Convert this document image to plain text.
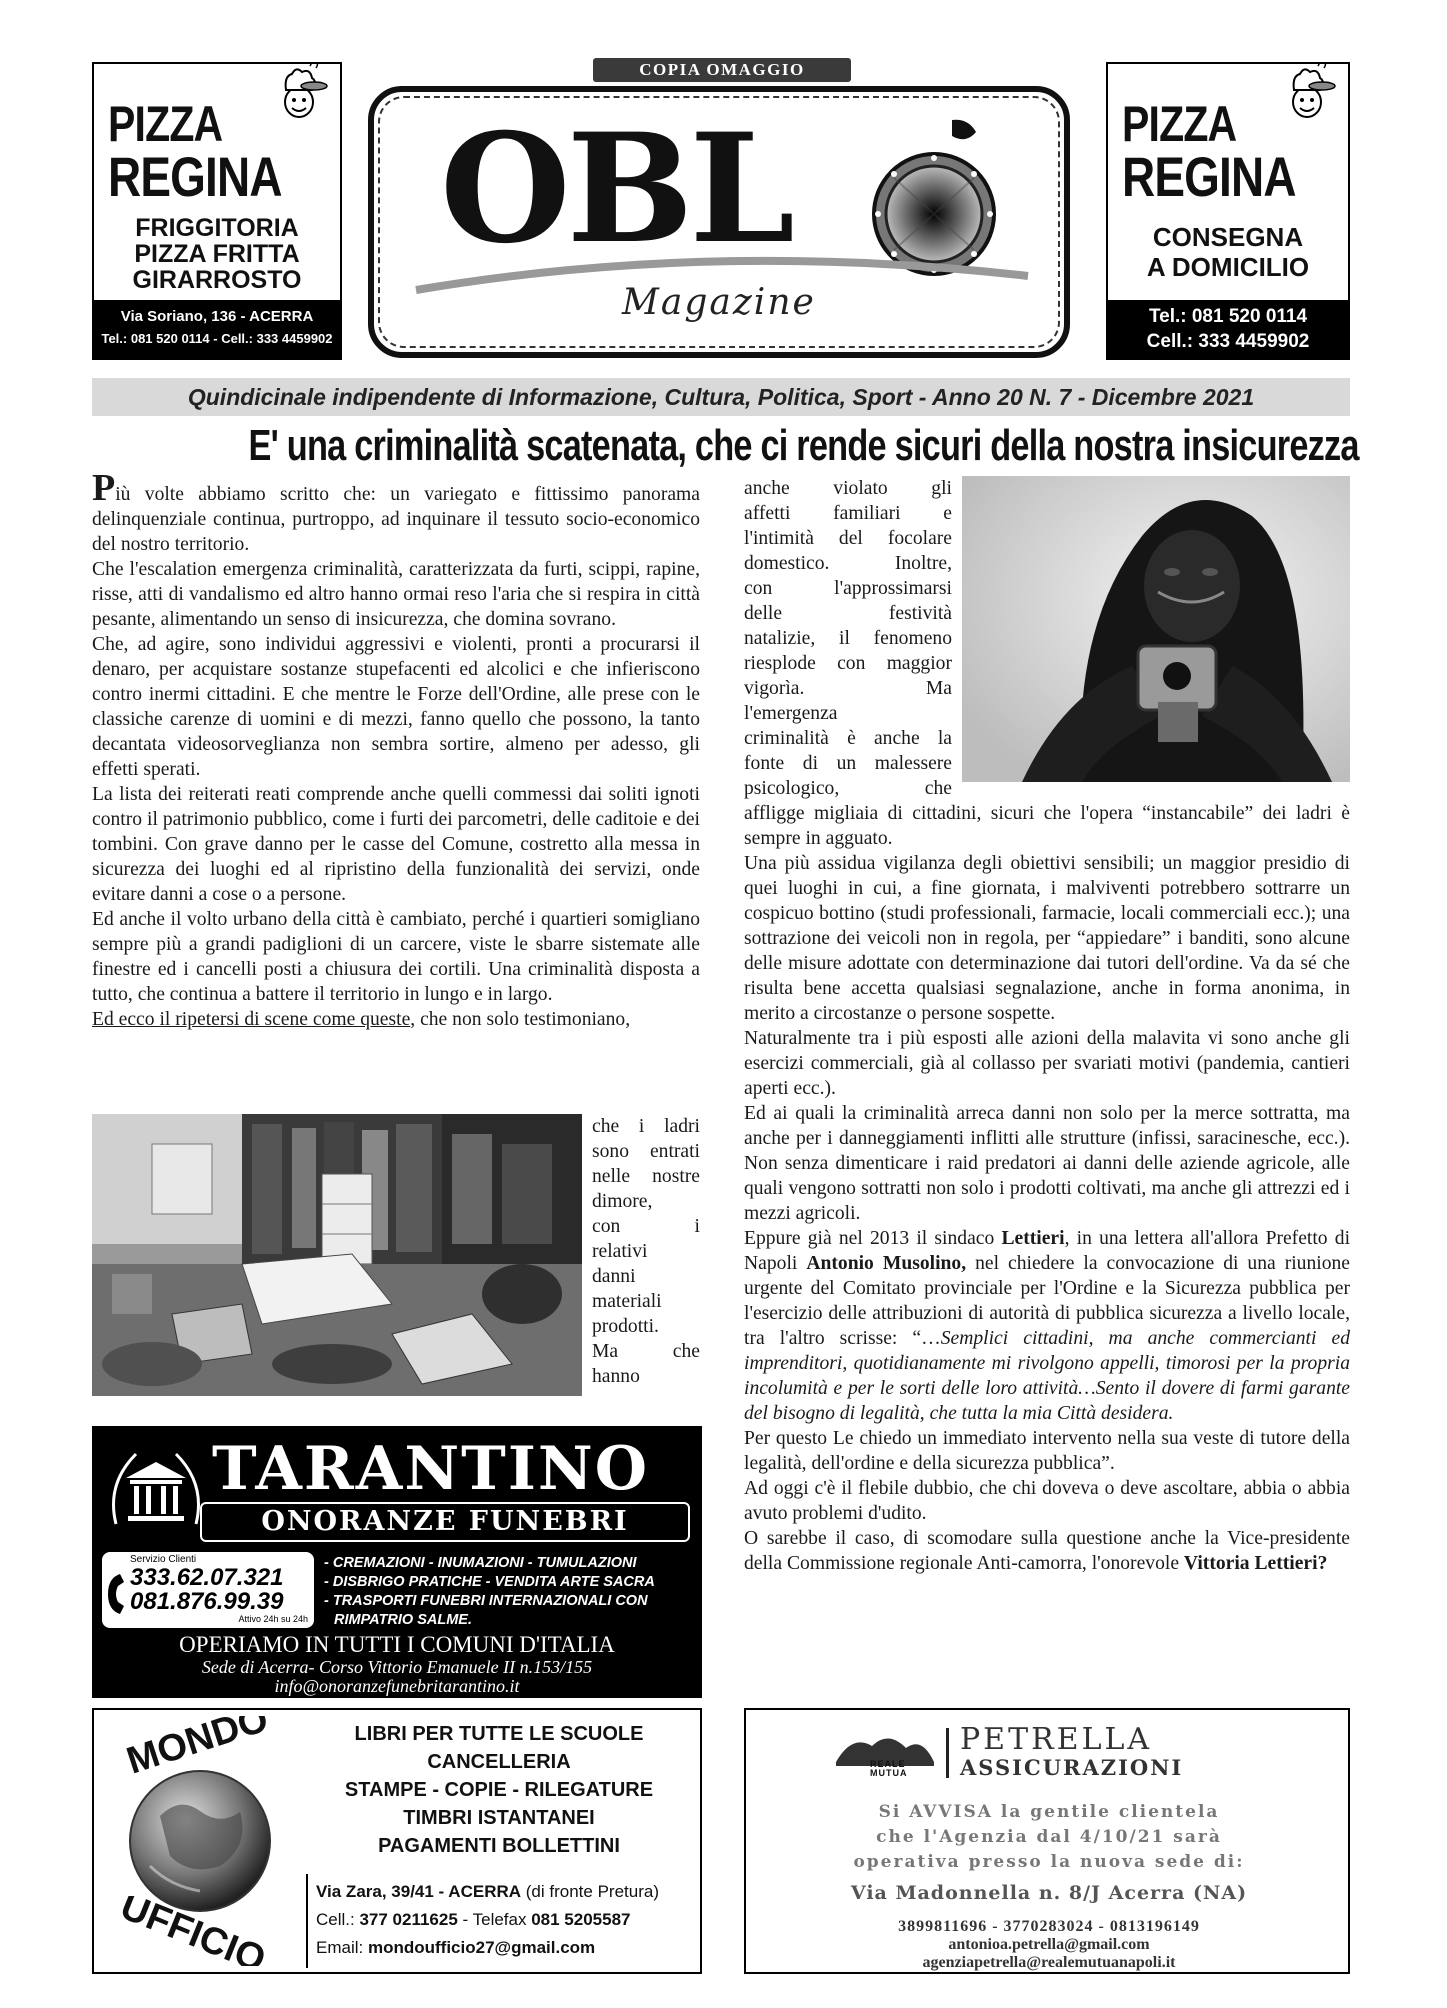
PIZZA
REGINA
FRIGGITORIA
PIZZA FRITTA
GIRARROSTO
Via Soriano, 136 - ACERRA
Tel.: 081 520 0114 - Cell.: 333 4459902
PIZZA
REGINA
CONSEGNA
A DOMICILIO
Tel.: 081 520 0114
Cell.: 333 4459902
COPIA OMAGGIO
OBL
Magazine
Quindicinale indipendente di Informazione, Cultura, Politica, Sport - Anno 20 N. 7 - Dicembre 2021
E' una criminalità scatenata, che ci rende sicuri della nostra insicurezza

Più volte abbiamo scritto che: un variegato e fittissimo panorama delinquenziale continua, purtroppo, ad inquinare il tessuto socio-economico del nostro territorio.

Che l'escalation emergenza criminalità, caratterizzata da furti, scippi, rapine, risse, atti di vandalismo ed altro hanno ormai reso l'aria che si respira in città pesante, alimentando un senso di insicurezza, che domina sovrano.

Che, ad agire, sono individui aggressivi e violenti, pronti a procurarsi il denaro, per acquistare sostanze stupefacenti ed alcolici e che infieriscono contro inermi cittadini. E che mentre le Forze dell'Ordine, alle prese con le classiche carenze di uomini e di mezzi, fanno quello che possono, la tanto decantata videosorveglianza non sembra sortire, almeno per adesso, gli effetti sperati.

La lista dei reiterati reati comprende anche quelli commessi dai soliti ignoti contro il patrimonio pubblico, come i furti dei parcometri, delle caditoie e dei tombini. Con grave danno per le casse del Comune, costretto alla messa in sicurezza dei luoghi ed al ripristino della funzionalità dei servizi, onde evitare danni a cose o a persone.

Ed anche il volto urbano della città è cambiato, perché i quartieri somigliano sempre più a grandi padiglioni di un carcere, viste le sbarre sistemate alle finestre ed i cancelli posti a chiusura dei cortili. Una criminalità disposta a tutto, che continua a battere il territorio in lungo e in largo.

Ed ecco il ripetersi di scene come queste, che non solo testimoniano,

che i ladri

sono entrati

nelle nostre

dimore,

con i

relativi

danni

materiali

prodotti.

Ma che

hanno

anche violato gli

affetti familiari e

l'intimità del focolare

domestico. Inoltre,

con l'approssimarsi

delle festività

natalizie, il fenomeno

riesplode con maggior

vigorìa. Ma

l'emergenza

criminalità è anche la

fonte di un malessere

psicologico, che

affligge migliaia di cittadini, sicuri che l'opera “instancabile” dei ladri è sempre in agguato.

Una più assidua vigilanza degli obiettivi sensibili; un maggior presidio di quei luoghi in cui, a fine giornata, i malviventi potrebbero sottrarre un cospicuo bottino (studi professionali, farmacie, locali commerciali ecc.); una sottrazione dei veicoli non in regola, per “appiedare” i banditi, sono alcune delle misure adottate con determinazione dai tutori dell'ordine. Va da sé che risulta bene accetta qualsiasi segnalazione, anche in forma anonima, in merito a circostanze o persone sospette.

Naturalmente tra i più esposti alle azioni della malavita vi sono anche gli esercizi commerciali, già al collasso per svariati motivi (pandemia, cantieri aperti ecc.).

Ed ai quali la criminalità arreca danni non solo per la merce sottratta, ma anche per i danneggiamenti inflitti alle strutture (infissi, saracinesche, ecc.). Non senza dimenticare i raid predatori ai danni delle aziende agricole, alle quali vengono sottratti non solo i prodotti coltivati, ma anche gli attrezzi ed i mezzi agricoli.

Eppure già nel 2013 il sindaco Lettieri, in una lettera all'allora Prefetto di Napoli Antonio Musolino, nel chiedere la convocazione di una riunione urgente del Comitato provinciale per l'Ordine e la Sicurezza pubblica per l'esercizio delle attribuzioni di autorità di pubblica sicurezza a livello locale, tra l'altro scrisse: “…Semplici cittadini, ma anche commercianti ed imprenditori, quotidianamente mi rivolgono appelli, timorosi per la propria incolumità e per le sorti delle loro attività…Sento il dovere di farmi garante del bisogno di legalità, che tutta la mia Città desidera.

Per questo Le chiedo un immediato intervento nella sua veste di tutore della legalità, dell'ordine e della sicurezza pubblica”.

Ad oggi c'è il flebile dubbio, che chi doveva o deve ascoltare, abbia o abbia avuto problemi d'udito.

O sarebbe il caso, di scomodare sulla questione anche la Vice-presidente della Commissione regionale Anti-camorra, l'onorevole Vittoria Lettieri?

TARANTINO
ONORANZE FUNEBRI
Servizio Clienti
333.62.07.321
081.876.99.39
Attivo 24h su 24h
- CREMAZIONI - INUMAZIONI - TUMULAZIONI
- DISBRIGO PRATICHE - VENDITA ARTE SACRA
- TRASPORTI FUNEBRI INTERNAZIONALI CON
RIMPATRIO SALME.
OPERIAMO IN TUTTI I COMUNI D'ITALIA
Sede di Acerra- Corso Vittorio Emanuele II n.153/155
info@onoranzefunebritarantino.it
MONDO
UFFICIO
LIBRI PER TUTTE LE SCUOLE
CANCELLERIA
STAMPE - COPIE - RILEGATURE
TIMBRI ISTANTANEI
PAGAMENTI BOLLETTINI
Via Zara, 39/41 - ACERRA (di fronte Pretura)
Cell.: 377 0211625 - Telefax 081 5205587
Email: mondoufficio27@gmail.com
REALE
MUTUA
PETRELLA
ASSICURAZIONI
Si AVVISA la gentile clientela
che l'Agenzia dal 4/10/21 sarà
operativa presso la nuova sede di:
Via Madonnella n. 8/J Acerra (NA)
3899811696 - 3770283024 - 0813196149
antonioa.petrella@gmail.com
agenziapetrella@realemutuanapoli.it
